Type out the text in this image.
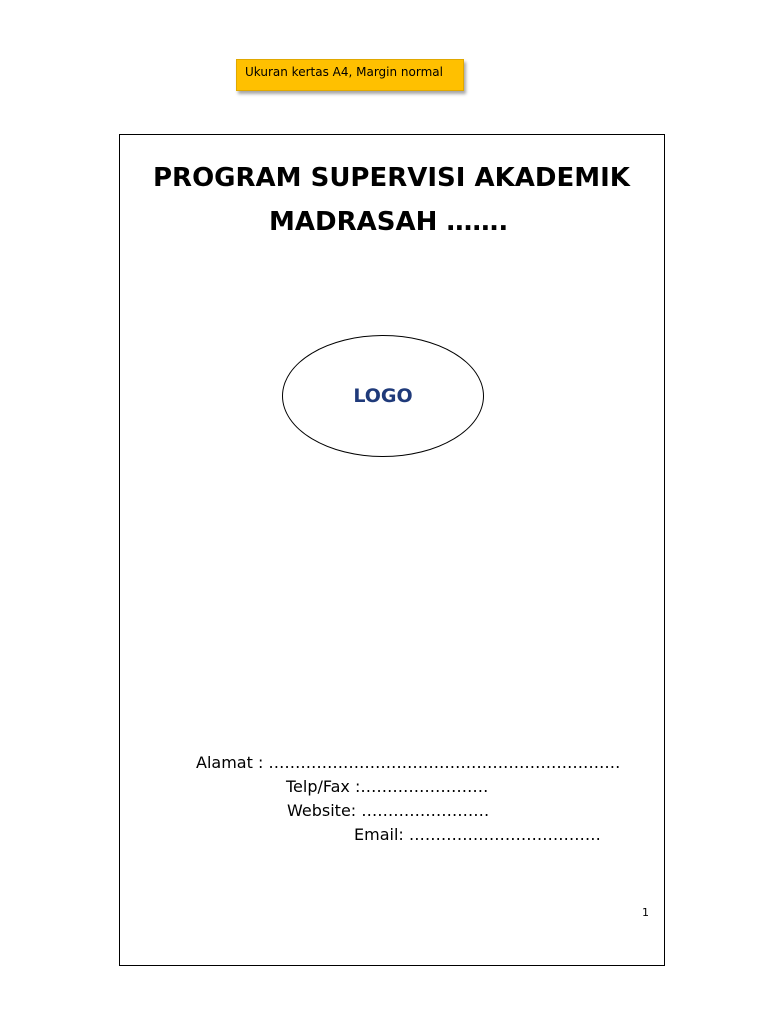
Ukuran kertas A4, Margin normal
PROGRAM SUPERVISI AKADEMIK
MADRASAH …….
LOGO
Alamat : …………………………………………………………
Telp/Fax :……………………
Website: ……………………
Email: ………………………………
1
